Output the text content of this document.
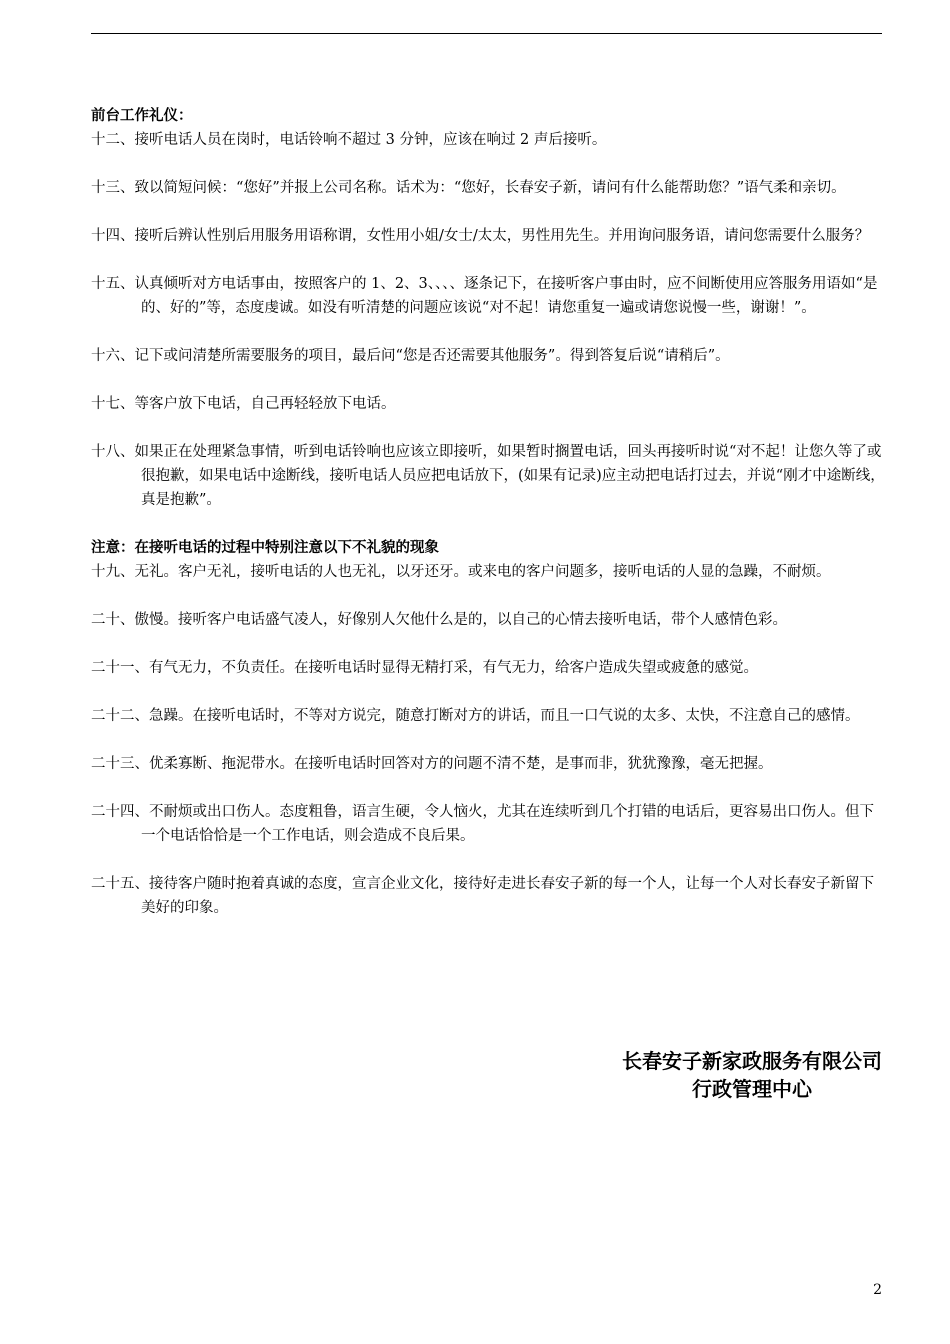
前台工作礼仪：

十二、接听电话人员在岗时，电话铃响不超过 3 分钟，应该在响过 2 声后接听。

十三、致以简短问候：“您好”并报上公司名称。话术为：“您好，长春安子新，请问有什么能帮助您？”语气柔和亲切。

十四、接听后辨认性别后用服务用语称谓，女性用小姐/女士/太太，男性用先生。并用询问服务语，请问您需要什么服务？

十五、认真倾听对方电话事由，按照客户的 1、2、3、、、、逐条记下，在接听客户事由时，应不间断使用应答服务用语如“是的、好的”等，态度虔诚。如没有听清楚的问题应该说“对不起！请您重复一遍或请您说慢一些，谢谢！”。

十六、记下或问清楚所需要服务的项目，最后问“您是否还需要其他服务”。得到答复后说“请稍后”。

十七、等客户放下电话，自己再轻轻放下电话。

十八、如果正在处理紧急事情，听到电话铃响也应该立即接听，如果暂时搁置电话，回头再接听时说“对不起！让您久等了或很抱歉，如果电话中途断线，接听电话人员应把电话放下，(如果有记录)应主动把电话打过去，并说“刚才中途断线，真是抱歉”。

注意：在接听电话的过程中特别注意以下不礼貌的现象

十九、无礼。客户无礼，接听电话的人也无礼，以牙还牙。或来电的客户问题多，接听电话的人显的急躁，不耐烦。

二十、傲慢。接听客户电话盛气凌人，好像别人欠他什么是的，以自己的心情去接听电话，带个人感情色彩。

二十一、有气无力，不负责任。在接听电话时显得无精打采，有气无力，给客户造成失望或疲惫的感觉。

二十二、急躁。在接听电话时，不等对方说完，随意打断对方的讲话，而且一口气说的太多、太快，不注意自己的感情。

二十三、优柔寡断、拖泥带水。在接听电话时回答对方的问题不清不楚，是事而非，犹犹豫豫，毫无把握。

二十四、不耐烦或出口伤人。态度粗鲁，语言生硬，令人恼火，尤其在连续听到几个打错的电话后，更容易出口伤人。但下一个电话恰恰是一个工作电话，则会造成不良后果。

二十五、接待客户随时抱着真诚的态度，宣言企业文化，接待好走进长春安子新的每一个人，让每一个人对长春安子新留下美好的印象。

长春安子新家政服务有限公司
行政管理中心
2
